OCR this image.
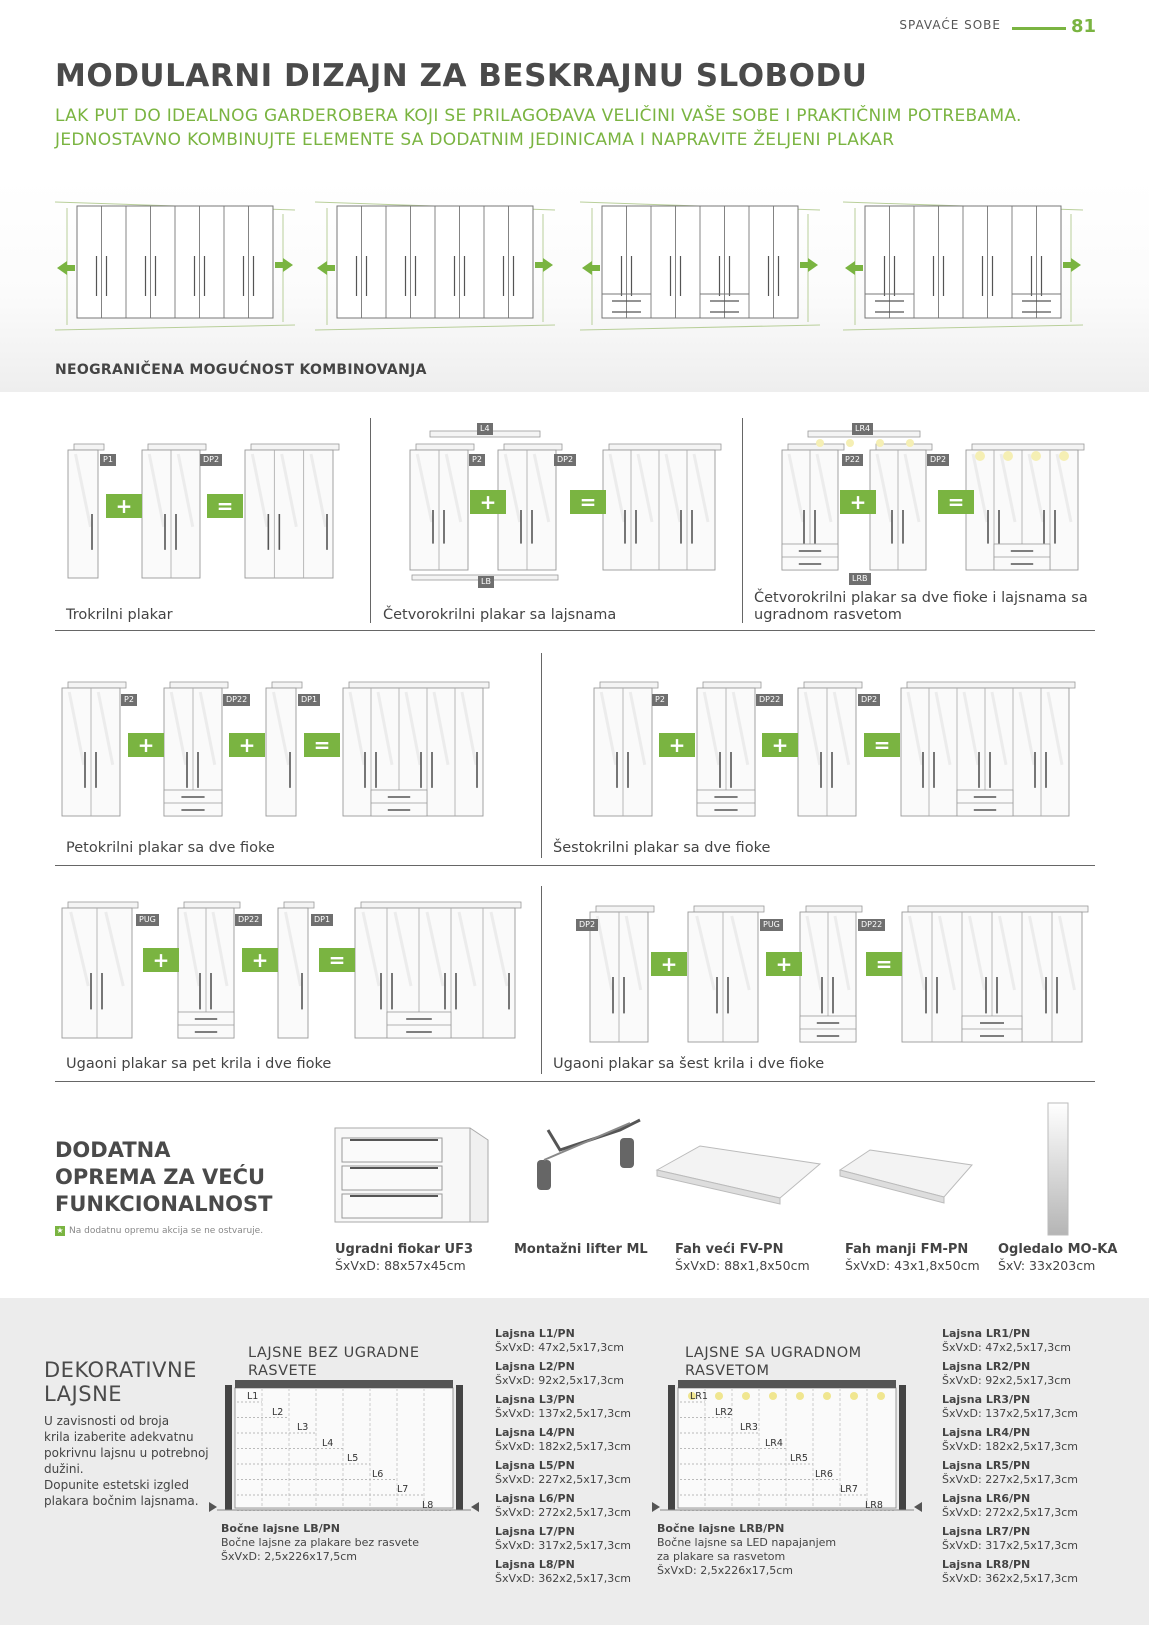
SPAVAĆE SOBE	81
MODULARNI DIZAJN ZA BESKRAJNU SLOBODU
LAK PUT DO IDEALNOG GARDEROBERA KOJI SE PRILAGOĐAVA VELIČINI VAŠE SOBE I PRAKTIČNIM POTREBAMA.
JEDNOSTAVNO KOMBINUJTE ELEMENTE SA DODATNIM JEDINICAMA I NAPRAVITE ŽELJENI PLAKAR
NEOGRANIČENA MOGUĆNOST KOMBINOVANJA
Trokrilni plakar	Četvorokrilni plakar sa lajsnama
Četvorokrilni plakar sa dve fioke i lajsnama sa ugradnom rasvetom
Petokrilni plakar sa dve fioke	Šestokrilni plakar sa dve fioke
Ugaoni plakar sa pet krila i dve fioke	Ugaoni plakar sa šest krila i dve fioke
P1	DP2
L4
P2	DP2
LB
LR4
P22	DP2
LRB
P2	DP22	DP1	P2	DP22	DP2
PUG	DP22	DP1
DP2	PUG	DP22
+	=	+	=	+	=
+	+	=	+	+	=
+	+	=	+	+	=
DODATNA
OPREMA ZA VEĆU
FUNKCIONALNOST
★ Na dodatnu opremu akcija se ne ostvaruje.
Ugradni fiokar UF3
ŠxVxD: 88x57x45cm
Montažni lifter ML Fah veći FV-PN
ŠxVxD: 88x1,8x50cm
Fah manji FM-PN
ŠxVxD: 43x1,8x50cm
Ogledalo MO-KA
ŠxV: 33x203cm
DEKORATIVNE
LAJSNE
U zavisnosti od broja
krila izaberite adekvatnu
pokrivnu lajsnu u potrebnoj
dužini.
Dopunite estetski izgled
plakara bočnim lajsnama.
LAJSNE BEZ UGRADNE
RASVETE
LAJSNE SA UGRADNOM
RASVETOM
L1
L2
L3
L4
L5
L6
L7
L8
LR1
LR2
LR3
LR4
LR5
LR6
LR7
LR8
Bočne lajsne LB/PN
Bočne lajsne za plakare bez rasvete
ŠxVxD: 2,5x226x17,5cm
Bočne lajsne LRB/PN
Bočne lajsne sa LED napajanjem
za plakare sa rasvetom
ŠxVxD: 2,5x226x17,5cm
Lajsna L1/PN
ŠxVxD: 47x2,5x17,3cm
Lajsna L2/PN
ŠxVxD: 92x2,5x17,3cm
Lajsna L3/PN
ŠxVxD: 137x2,5x17,3cm
Lajsna L4/PN
ŠxVxD: 182x2,5x17,3cm
Lajsna L5/PN
ŠxVxD: 227x2,5x17,3cm
Lajsna L6/PN
ŠxVxD: 272x2,5x17,3cm
Lajsna L7/PN
ŠxVxD: 317x2,5x17,3cm
Lajsna L8/PN
ŠxVxD: 362x2,5x17,3cm
Lajsna LR1/PN
ŠxVxD: 47x2,5x17,3cm
Lajsna LR2/PN
ŠxVxD: 92x2,5x17,3cm
Lajsna LR3/PN
ŠxVxD: 137x2,5x17,3cm
Lajsna LR4/PN
ŠxVxD: 182x2,5x17,3cm
Lajsna LR5/PN
ŠxVxD: 227x2,5x17,3cm
Lajsna LR6/PN
ŠxVxD: 272x2,5x17,3cm
Lajsna LR7/PN
ŠxVxD: 317x2,5x17,3cm
Lajsna LR8/PN
ŠxVxD: 362x2,5x17,3cm
